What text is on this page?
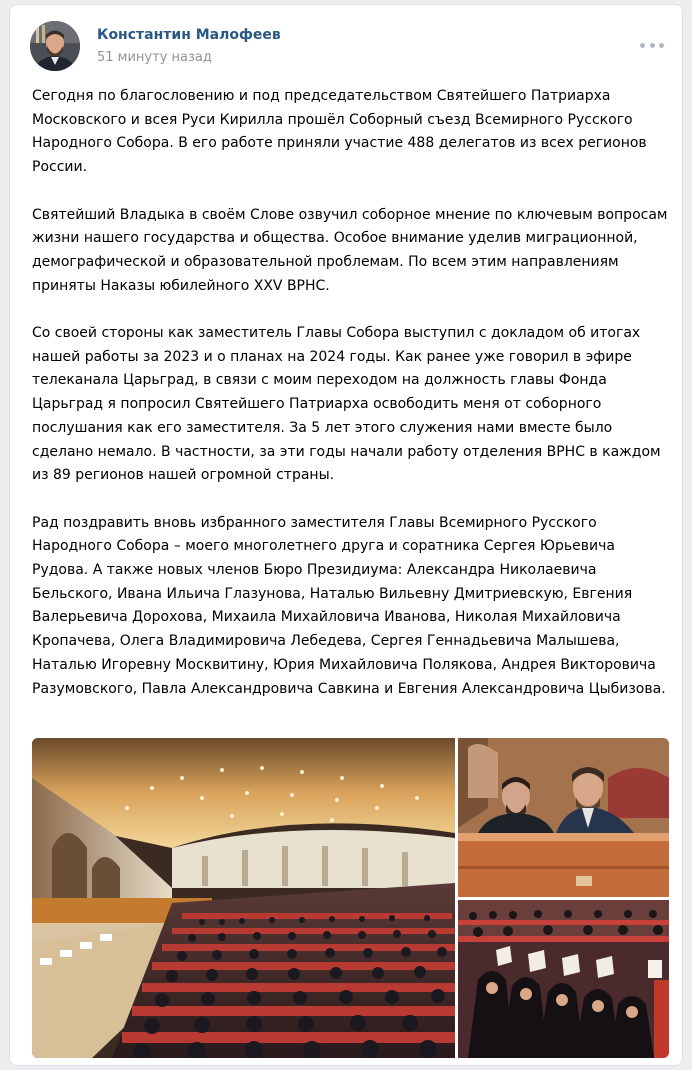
Константин Малофеев
51 минуту назад

Сегодня по благословению и под председательством Святейшего Патриарха Московского и всея Руси Кирилла прошёл Соборный съезд Всемирного Русского Народного Собора. В его работе приняли участие 488 делегатов из всех регионов России.

Святейший Владыка в своём Слове озвучил соборное мнение по ключевым вопросам жизни нашего государства и общества. Особое внимание уделив миграционной, демографической и образовательной проблемам. По всем этим направлениям приняты Наказы юбилейного XXV ВРНС.

Со своей стороны как заместитель Главы Собора выступил с докладом об итогах нашей работы за 2023 и о планах на 2024 годы. Как ранее уже говорил в эфире телеканала Царьград, в связи с моим переходом на должность главы Фонда Царьград я попросил Святейшего Патриарха освободить меня от соборного послушания как его заместителя. За 5 лет этого служения нами вместе было сделано немало. В частности, за эти годы начали работу отделения ВРНС в каждом из 89 регионов нашей огромной страны.

Рад поздравить вновь избранного заместителя Главы Всемирного Русского Народного Собора – моего многолетнего друга и соратника Сергея Юрьевича Рудова. А также новых членов Бюро Президиума: Александра Николаевича Бельского, Ивана Ильича Глазунова, Наталью Вильевну Дмитриевскую, Евгения Валерьевича Дорохова, Михаила Михайловича Иванова, Николая Михайловича Кропачева, Олега Владимировича Лебедева, Сергея Геннадьевича Малышева, Наталью Игоревну Москвитину, Юрия Михайловича Полякова, Андрея Викторовича Разумовского, Павла Александровича Савкина и Евгения Александровича Цыбизова.
